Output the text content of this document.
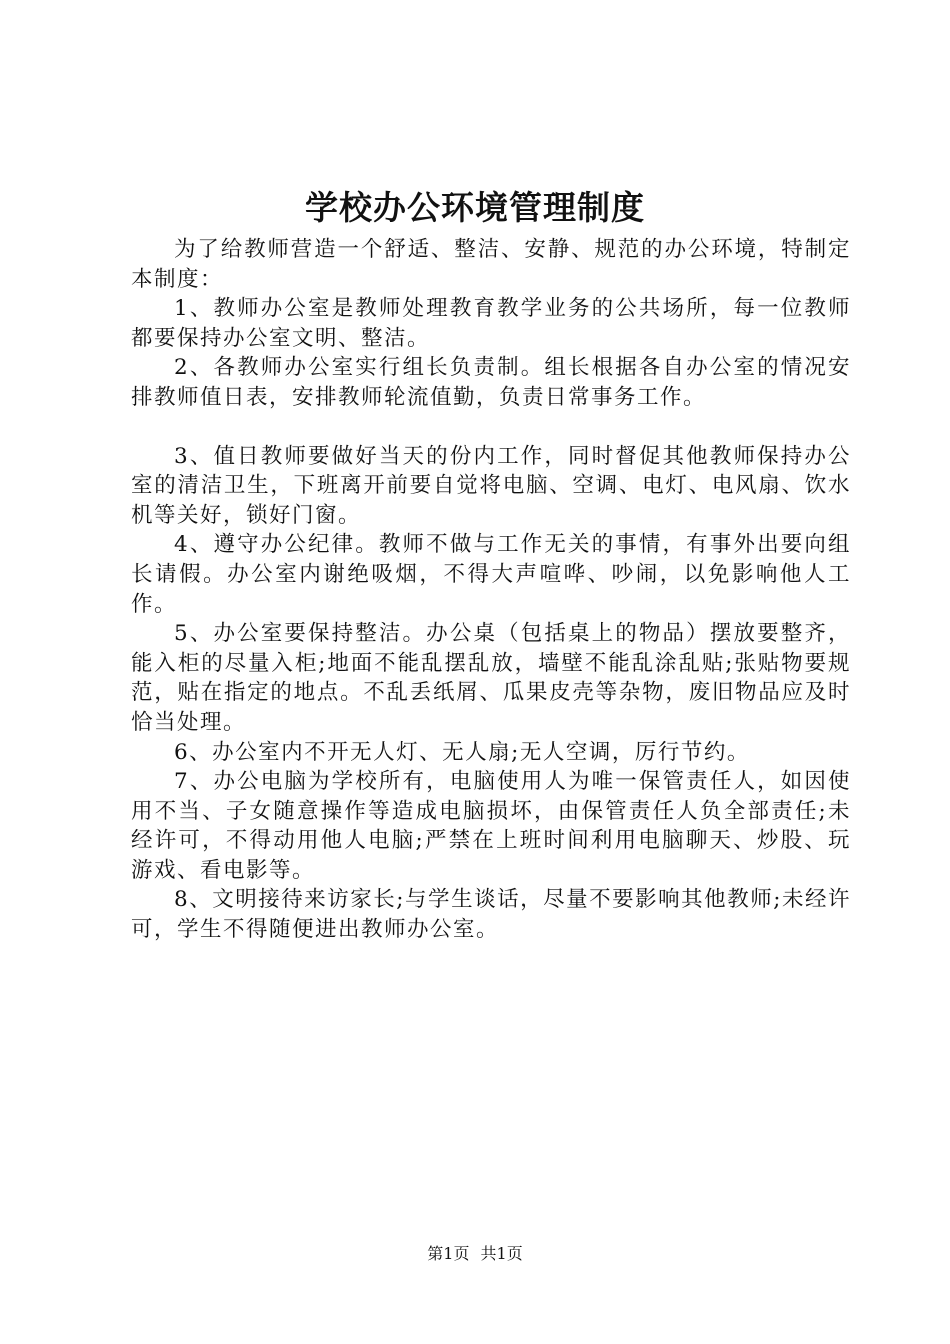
学校办公环境管理制度

为了给教师营造一个舒适、整洁、安静、规范的办公环境，特制定本制度：

1、教师办公室是教师处理教育教学业务的公共场所，每一位教师都要保持办公室文明、整洁。

2、各教师办公室实行组长负责制。组长根据各自办公室的情况安排教师值日表，安排教师轮流值勤，负责日常事务工作。

3、值日教师要做好当天的份内工作，同时督促其他教师保持办公室的清洁卫生，下班离开前要自觉将电脑、空调、电灯、电风扇、饮水机等关好，锁好门窗。

4、遵守办公纪律。教师不做与工作无关的事情，有事外出要向组长请假。办公室内谢绝吸烟，不得大声喧哗、吵闹，以免影响他人工作。

5、办公室要保持整洁。办公桌（包括桌上的物品）摆放要整齐，能入柜的尽量入柜;地面不能乱摆乱放，墙壁不能乱涂乱贴;张贴物要规范，贴在指定的地点。不乱丢纸屑、瓜果皮壳等杂物，废旧物品应及时恰当处理。

6、办公室内不开无人灯、无人扇;无人空调，厉行节约。

7、办公电脑为学校所有，电脑使用人为唯一保管责任人，如因使用不当、子女随意操作等造成电脑损坏，由保管责任人负全部责任;未经许可，不得动用他人电脑;严禁在上班时间利用电脑聊天、炒股、玩游戏、看电影等。

8、文明接待来访家长;与学生谈话，尽量不要影响其他教师;未经许可，学生不得随便进出教师办公室。

第1页 共1页
